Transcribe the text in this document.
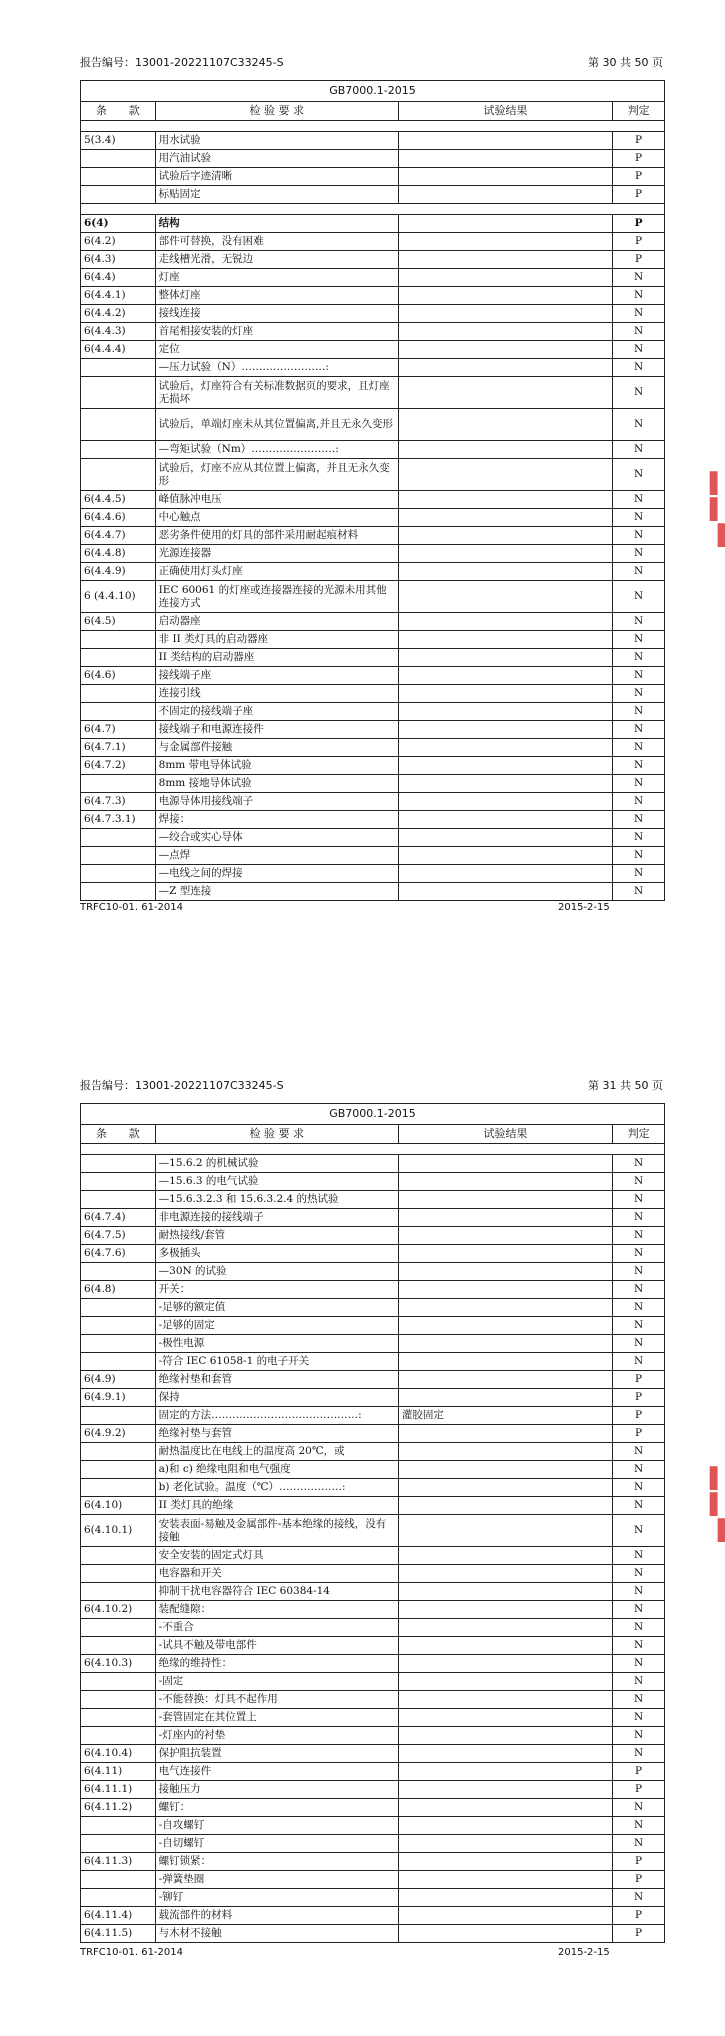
报告编号：13001-20221107C33245-S	第 30 共 50 页
GB7000.1-2015			
条　　款	检 验 要 求	试验结果	判定

5(3.4)	用水试验		P
	用汽油试验		P
	试验后字迹清晰		P
	标贴固定		P

6(4)	结构		P
6(4.2)	部件可替换，没有困难		P
6(4.3)	走线槽光滑，无锐边		P
6(4.4)	灯座		N
6(4.4.1)	整体灯座		N
6(4.4.2)	接线连接		N
6(4.4.3)	首尾相接安装的灯座		N
6(4.4.4)	定位		N
	—压力试验（N）……………………:		N
	试验后，灯座符合有关标准数据页的要求，且灯座无损坏		N
	试验后，单端灯座未从其位置偏离,并且无永久变形		N
	—弯矩试验（Nm）……………………:		N
	试验后，灯座不应从其位置上偏离，并且无永久变形		N
6(4.4.5)	峰值脉冲电压		N
6(4.4.6)	中心触点		N
6(4.4.7)	恶劣条件使用的灯具的部件采用耐起痕材料		N
6(4.4.8)	光源连接器		N
6(4.4.9)	正确使用灯头灯座		N
6 (4.4.10)	IEC 60061 的灯座或连接器连接的光源未用其他连接方式		N
6(4.5)	启动器座		N
	非 II 类灯具的启动器座		N
	II 类结构的启动器座		N
6(4.6)	接线端子座		N
	连接引线		N
	不固定的接线端子座		N
6(4.7)	接线端子和电源连接件		N
6(4.7.1)	与金属部件接触		N
6(4.7.2)	8mm 带电导体试验		N
	8mm 接地导体试验		N
6(4.7.3)	电源导体用接线端子		N
6(4.7.3.1)	焊接：		N
	—绞合或实心导体		N
	—点焊		N
	—电线之间的焊接		N
	—Z 型连接		N
TRFC10-01. 61-2014	2015-2-15
报告编号：13001-20221107C33245-S	第 31 共 50 页
GB7000.1-2015			
条　　款	检 验 要 求	试验结果	判定

	—15.6.2 的机械试验		N
	—15.6.3 的电气试验		N
	—15.6.3.2.3 和 15.6.3.2.4 的热试验		N
6(4.7.4)	非电源连接的接线端子		N
6(4.7.5)	耐热接线/套管		N
6(4.7.6)	多极插头		N
	—30N 的试验		N
6(4.8)	开关：		N
	-足够的额定值		N
	-足够的固定		N
	-极性电源		N
	-符合 IEC 61058-1 的电子开关		N
6(4.9)	绝缘衬垫和套管		P
6(4.9.1)	保持		P
	固定的方法……………………………………:	灌胶固定	P
6(4.9.2)	绝缘衬垫与套管		P
	耐热温度比在电线上的温度高 20℃，或		N
	a)和 c) 绝缘电阻和电气强度		N
	b) 老化试验。温度（℃）………………:		N
6(4.10)	II 类灯具的绝缘		N
6(4.10.1)	安装表面-易触及金属部件-基本绝缘的接线，没有接触		N
	安全安装的固定式灯具		N
	电容器和开关		N
	抑制干扰电容器符合 IEC 60384-14		N
6(4.10.2)	装配缝隙：		N
	-不重合		N
	-试具不触及带电部件		N
6(4.10.3)	绝缘的维持性：		N
	-固定		N
	-不能替换：灯具不起作用		N
	-套管固定在其位置上		N
	-灯座内的衬垫		N
6(4.10.4)	保护阻抗装置		N
6(4.11)	电气连接件		P
6(4.11.1)	接触压力		P
6(4.11.2)	螺钉：		N
	-自攻螺钉		N
	-自切螺钉		N
6(4.11.3)	螺钉锁紧：		P
	-弹簧垫圈		P
	-铆钉		N
6(4.11.4)	载流部件的材料		P
6(4.11.5)	与木材不接触		P
TRFC10-01. 61-2014	2015-2-15
▌
▌
▐
▌
▌
▐
